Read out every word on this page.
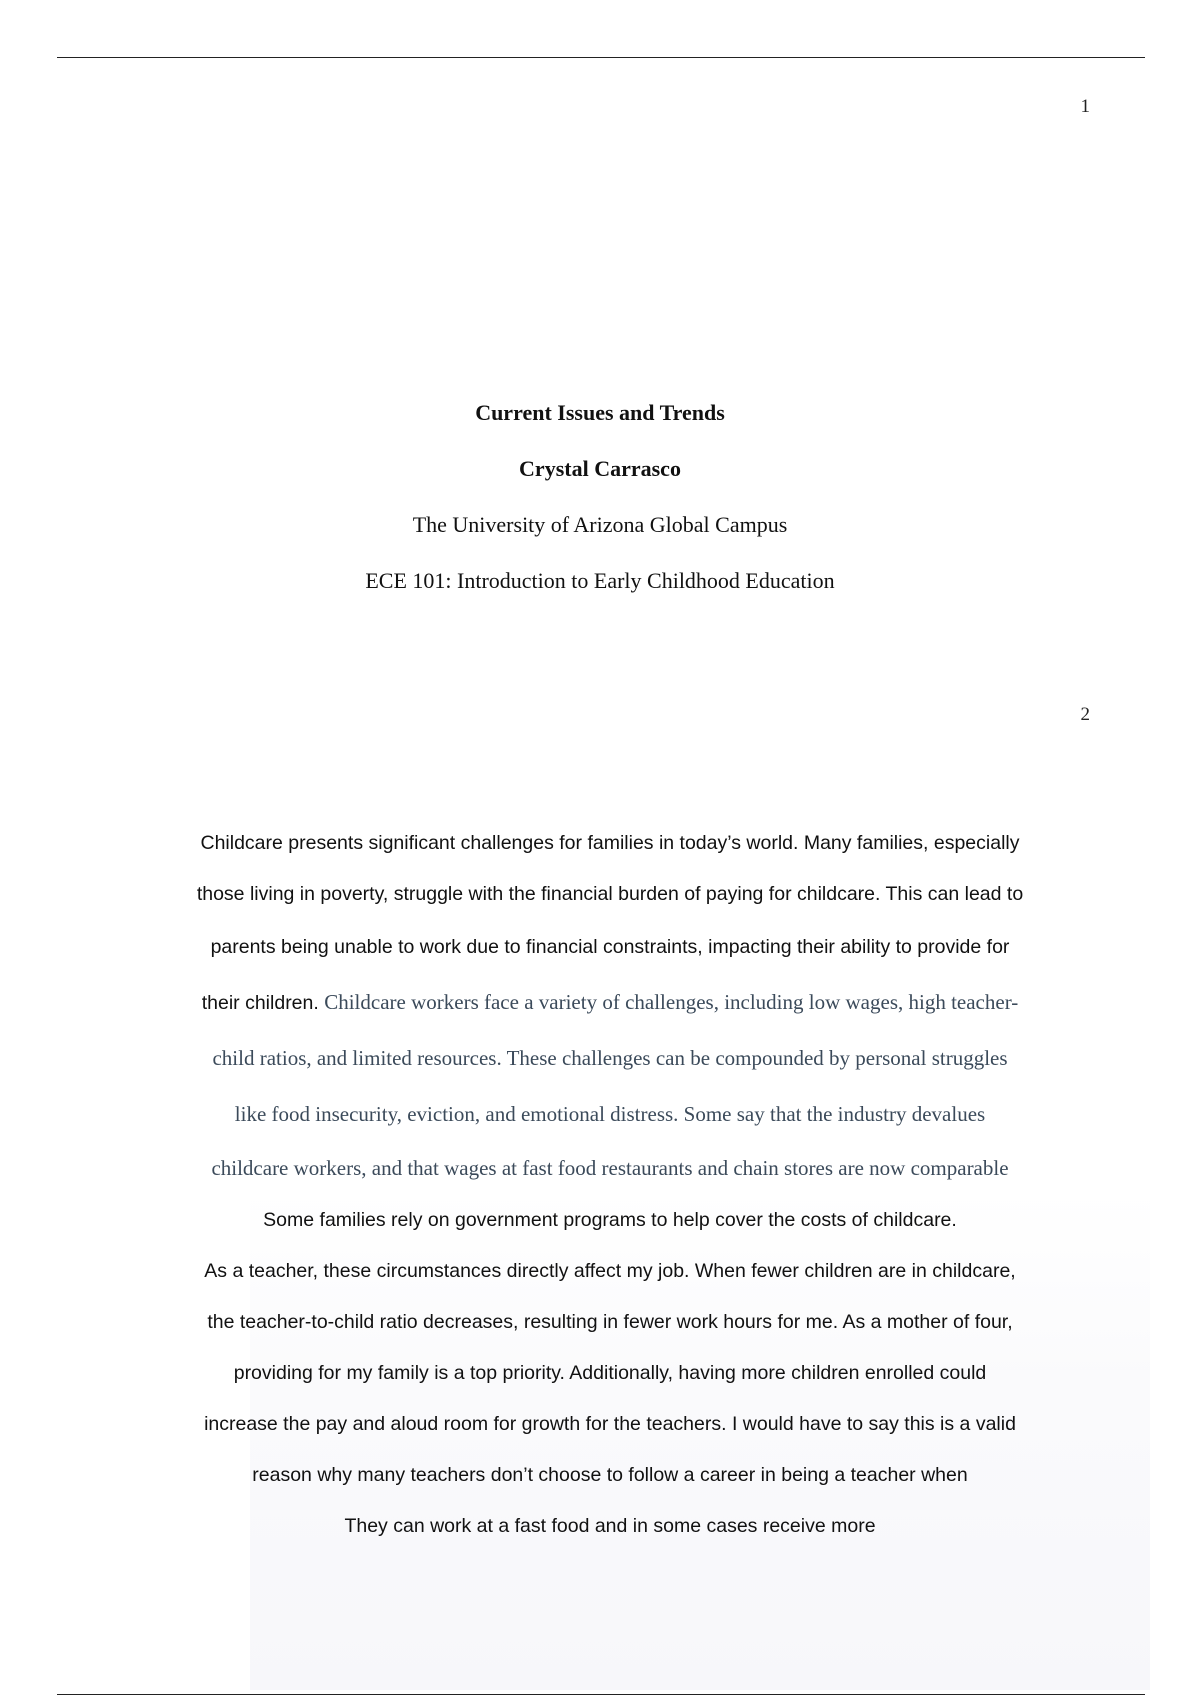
1

Current Issues and Trends

Crystal Carrasco

The University of Arizona Global Campus

ECE 101: Introduction to Early Childhood Education

2

Childcare presents significant challenges for families in today’s world. Many families, especially

those living in poverty, struggle with the financial burden of paying for childcare. This can lead to

parents being unable to work due to financial constraints, impacting their ability to provide for

their children. Childcare workers face a variety of challenges, including low wages, high teacher-

child ratios, and limited resources. These challenges can be compounded by personal struggles

like food insecurity, eviction, and emotional distress. Some say that the industry devalues

childcare workers, and that wages at fast food restaurants and chain stores are now comparable

Some families rely on government programs to help cover the costs of childcare.

As a teacher, these circumstances directly affect my job. When fewer children are in childcare,

the teacher-to-child ratio decreases, resulting in fewer work hours for me. As a mother of four,

providing for my family is a top priority. Additionally, having more children enrolled could

increase the pay and aloud room for growth for the teachers. I would have to say this is a valid

reason why many teachers don’t choose to follow a career in being a teacher when

They can work at a fast food and in some cases receive more
